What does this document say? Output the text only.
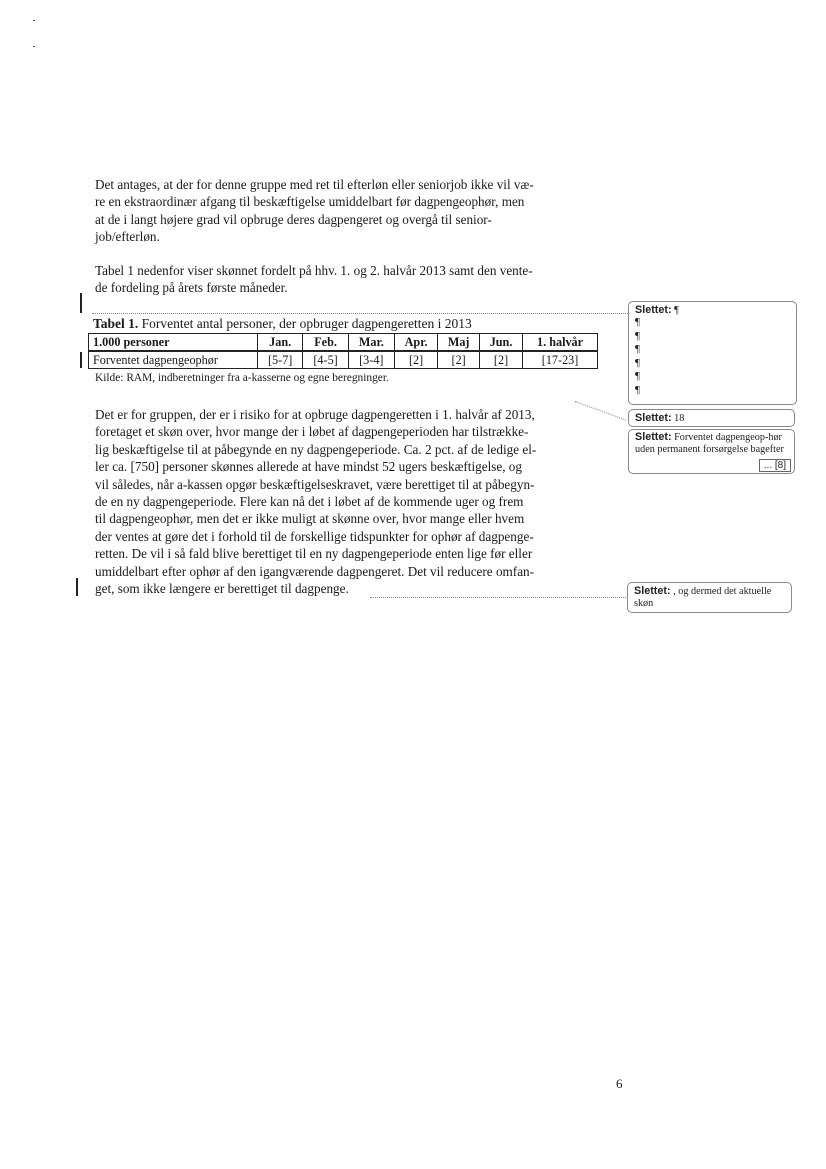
Det antages, at der for denne gruppe med ret til efterløn eller seniorjob ikke vil væ-
re en ekstraordinær afgang til beskæftigelse umiddelbart før dagpengeophør, men
at de i langt højere grad vil opbruge deres dagpengeret og overgå til senior-
job/efterløn.
Tabel 1 nedenfor viser skønnet fordelt på hhv. 1. og 2. halvår 2013 samt den vente-
de fordeling på årets første måneder.
Tabel 1. Forventet antal personer, der opbruger dagpengeretten i 2013
1.000 personer	Jan.	Feb.	Mar.	Apr.	Maj	Jun.	1. halvår
Forventet dagpengeophør	[5-7]	[4-5]	[3-4]	[2]	[2]	[2]	[17-23]
Kilde: RAM, indberetninger fra a-kasserne og egne beregninger.
Det er for gruppen, der er i risiko for at opbruge dagpengeretten i 1. halvår af 2013,
foretaget et skøn over, hvor mange der i løbet af dagpengeperioden har tilstrække-
lig beskæftigelse til at påbegynde en ny dagpengeperiode. Ca. 2 pct. af de ledige el-
ler ca. [750] personer skønnes allerede at have mindst 52 ugers beskæftigelse, og
vil således, når a-kassen opgør beskæftigelseskravet, være berettiget til at påbegyn-
de en ny dagpengeperiode. Flere kan nå det i løbet af de kommende uger og frem
til dagpengeophør, men det er ikke muligt at skønne over, hvor mange eller hvem
der ventes at gøre det i forhold til de forskellige tidspunkter for ophør af dagpenge-
retten. De vil i så fald blive berettiget til en ny dagpengeperiode enten lige før eller
umiddelbart efter ophør af den igangværende dagpengeret. Det vil reducere omfan-
get, som ikke længere er berettiget til dagpenge.
Slettet: ¶
¶
¶
¶
¶
¶
¶
Slettet: 18
Slettet: Forventet dagpengeop-hør uden permanent forsørgelse bagefter
... [8]
Slettet: , og dermed det aktuelle skøn
6
